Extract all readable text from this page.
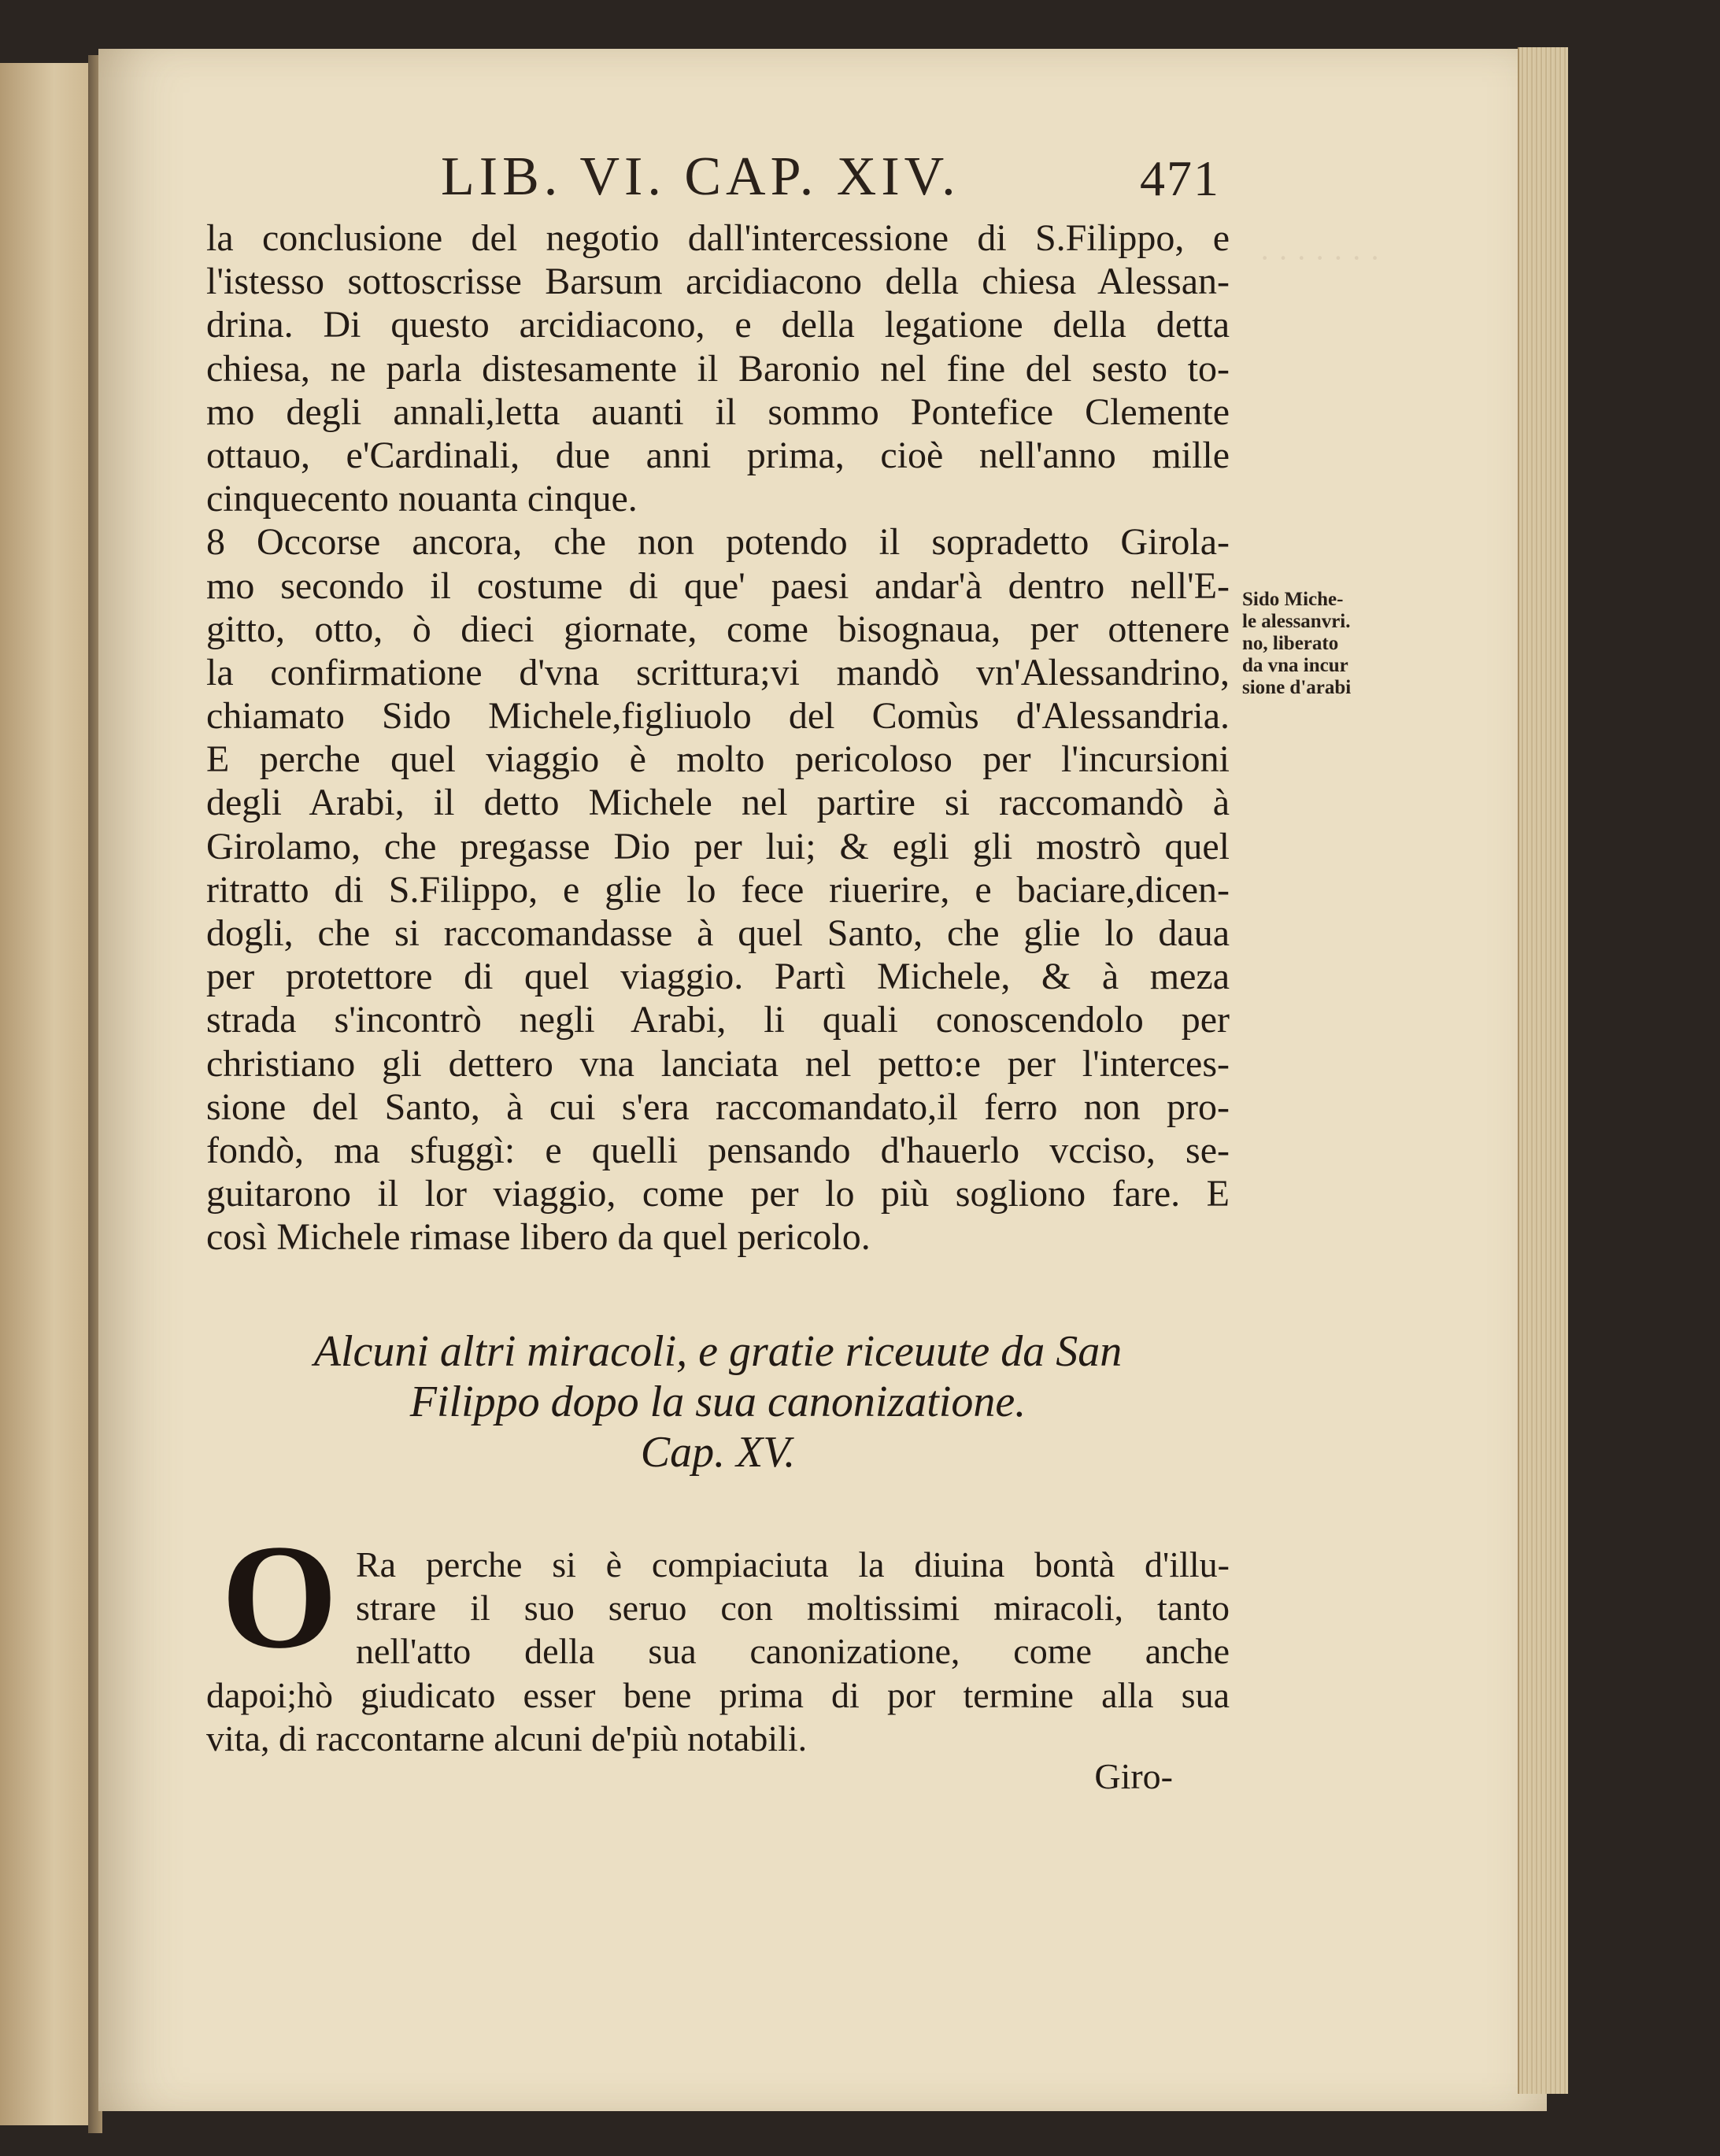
LIB. VI. CAP. XIV.	471
la conclusione del negotio dall'intercessione di S.Filippo, e
l'istesso sottoscrisse Barsum arcidiacono della chiesa Alessan-
drina. Di questo arcidiacono, e della legatione della detta
chiesa, ne parla distesamente il Baronio nel fine del sesto to-
mo degli annali,letta auanti il sommo Pontefice Clemente
ottauo, e'Cardinali, due anni prima, cioè nell'anno mille
cinquecento nouanta cinque.
8 Occorse ancora, che non potendo il sopradetto Girola-
mo secondo il costume di que' paesi andar'à dentro nell'E-
gitto, otto, ò dieci giornate, come bisognaua, per ottenere
la confirmatione d'vna scrittura;vi mandò vn'Alessandrino,
chiamato Sido Michele,figliuolo del Comùs d'Alessandria.
E perche quel viaggio è molto pericoloso per l'incursioni
degli Arabi, il detto Michele nel partire si raccomandò à
Girolamo, che pregasse Dio per lui; & egli gli mostrò quel
ritratto di S.Filippo, e glie lo fece riuerire, e baciare,dicen-
dogli, che si raccomandasse à quel Santo, che glie lo daua
per protettore di quel viaggio. Partì Michele, & à meza
strada s'incontrò negli Arabi, li quali conoscendolo per
christiano gli dettero vna lanciata nel petto:e per l'interces-
sione del Santo, à cui s'era raccomandato,il ferro non pro-
fondò, ma sfuggì: e quelli pensando d'hauerlo vcciso, se-
guitarono il lor viaggio, come per lo più sogliono fare. E
così Michele rimase libero da quel pericolo.
Sido Miche-
le alessanvri.
no, liberato
da vna incur
sione d'arabi
Alcuni altri miracoli, e gratie riceuute da San
Filippo dopo la sua canonizatione.
Cap. XV.
O Ra perche si è compiaciuta la diuina bontà d'illu-
strare il suo seruo con moltissimi miracoli, tanto
nell'atto della sua canonizatione, come anche
dapoi;hò giudicato esser bene prima di por termine alla sua
vita, di raccontarne alcuni de'più notabili.
Giro-
